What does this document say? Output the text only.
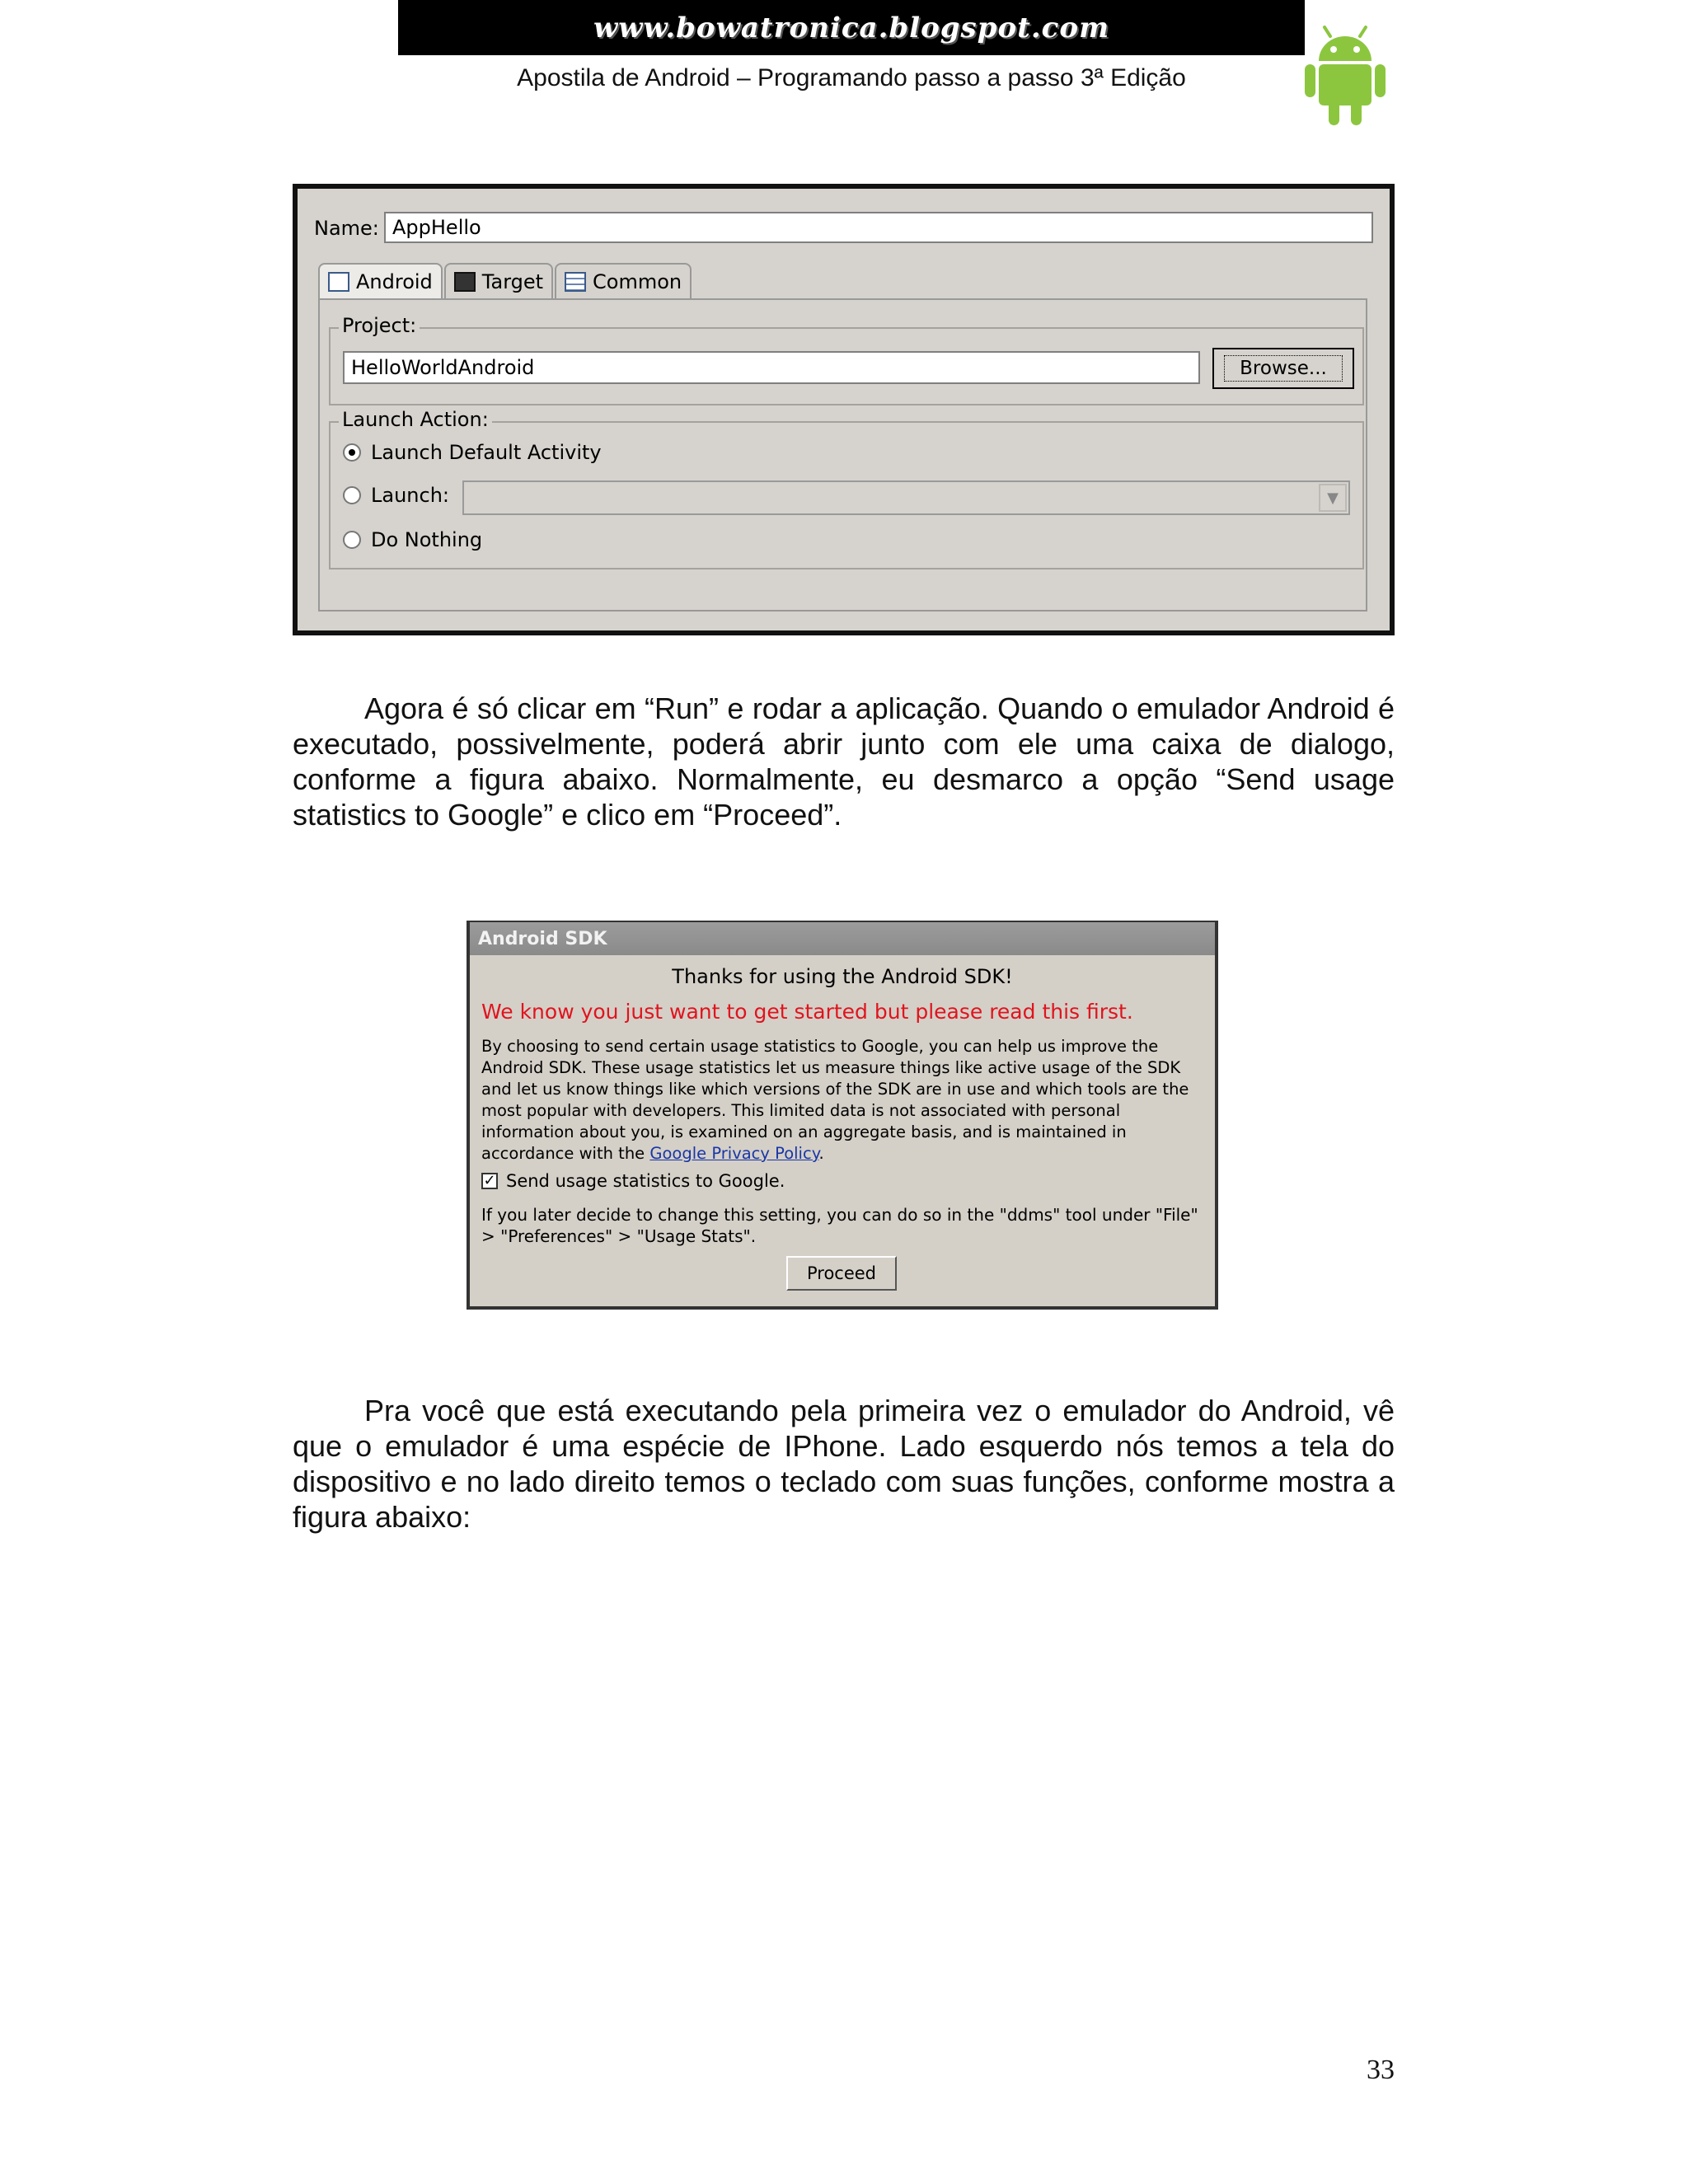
www.bowatronica.blogspot.com
Apostila de Android – Programando passo a passo 3ª Edição
Name: AppHello
Android	Target	Common
Project:
HelloWorldAndroid	Browse...
Launch Action:
Launch Default Activity
Launch:	▼
Do Nothing

Agora é só clicar em “Run” e rodar a aplicação. Quando o emulador Android é executado, possivelmente, poderá abrir junto com ele uma caixa de dialogo, conforme a figura abaixo. Normalmente, eu desmarco a opção “Send usage statistics to Google” e clico em “Proceed”.

Android SDK
Thanks for using the Android SDK!
We know you just want to get started but please read this first.
By choosing to send certain usage statistics to Google, you can help us improve the Android SDK. These usage statistics let us measure things like active usage of the SDK and let us know things like which versions of the SDK are in use and which tools are the most popular with developers. This limited data is not associated with personal information about you, is examined on an aggregate basis, and is maintained in accordance with the Google Privacy Policy.
✓ Send usage statistics to Google.
If you later decide to change this setting, you can do so in the "ddms" tool under "File" > "Preferences" > "Usage Stats".
Proceed

Pra você que está executando pela primeira vez o emulador do Android, vê que o emulador é uma espécie de IPhone. Lado esquerdo nós temos a tela do dispositivo e no lado direito temos o teclado com suas funções, conforme mostra a figura abaixo:

33
